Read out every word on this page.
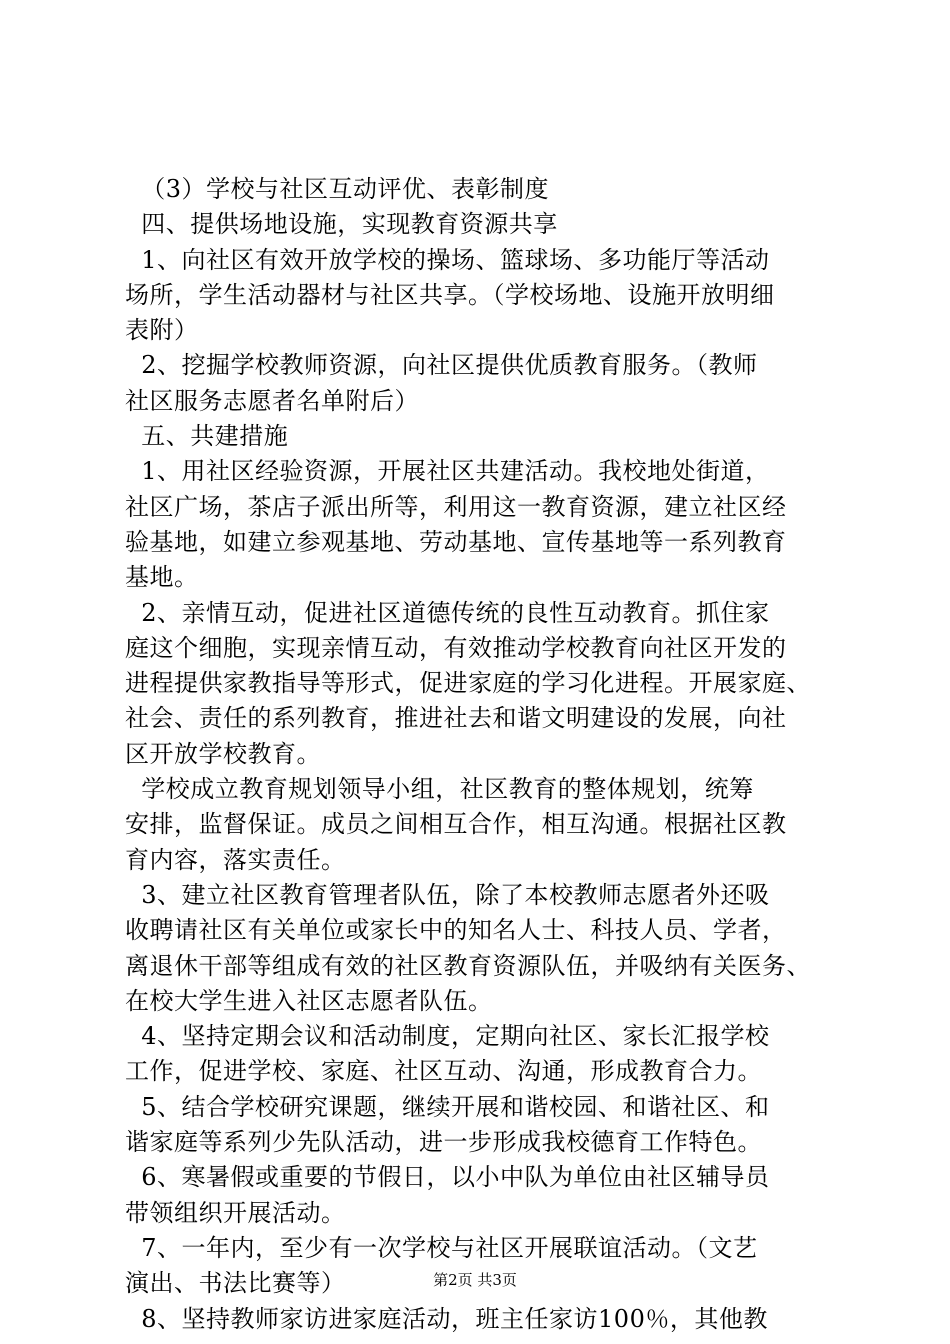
（3）学校与社区互动评优、表彰制度
四、提供场地设施，实现教育资源共享
1、向社区有效开放学校的操场、篮球场、多功能厅等活动
场所，学生活动器材与社区共享。（学校场地、设施开放明细
表附）
2、挖掘学校教师资源，向社区提供优质教育服务。（教师
社区服务志愿者名单附后）
五、共建措施
1、用社区经验资源，开展社区共建活动。我校地处街道，
社区广场，茶店子派出所等，利用这一教育资源，建立社区经
验基地，如建立参观基地、劳动基地、宣传基地等一系列教育
基地。
2、亲情互动，促进社区道德传统的良性互动教育。抓住家
庭这个细胞，实现亲情互动，有效推动学校教育向社区开发的
进程提供家教指导等形式，促进家庭的学习化进程。开展家庭、
社会、责任的系列教育，推进社去和谐文明建设的发展，向社
区开放学校教育。
学校成立教育规划领导小组，社区教育的整体规划，统筹
安排，监督保证。成员之间相互合作，相互沟通。根据社区教
育内容，落实责任。
3、建立社区教育管理者队伍，除了本校教师志愿者外还吸
收聘请社区有关单位或家长中的知名人士、科技人员、学者，
离退休干部等组成有效的社区教育资源队伍，并吸纳有关医务、
在校大学生进入社区志愿者队伍。
4、坚持定期会议和活动制度，定期向社区、家长汇报学校
工作，促进学校、家庭、社区互动、沟通，形成教育合力。
5、结合学校研究课题，继续开展和谐校园、和谐社区、和
谐家庭等系列少先队活动，进一步形成我校德育工作特色。
6、寒暑假或重要的节假日，以小中队为单位由社区辅导员
带领组织开展活动。
7、一年内，至少有一次学校与社区开展联谊活动。（文艺
演出、书法比赛等）
8、坚持教师家访进家庭活动，班主任家访100％，其他教
第2页 共3页
